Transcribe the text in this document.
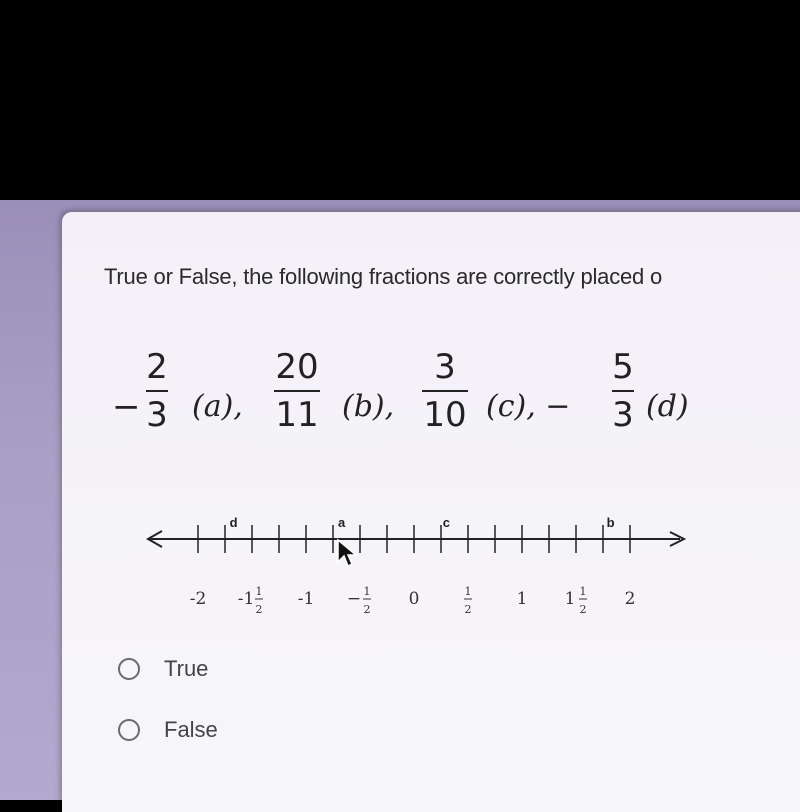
True or False, the following fractions are correctly placed o
−
2
3 (a),
20
11 (b),
3
10 (c), −
5
3 (d)
-2	-1	0	1	2
-1 1
2
− 1
2
1
2
1 1
2
d	a	c	b
True
False
